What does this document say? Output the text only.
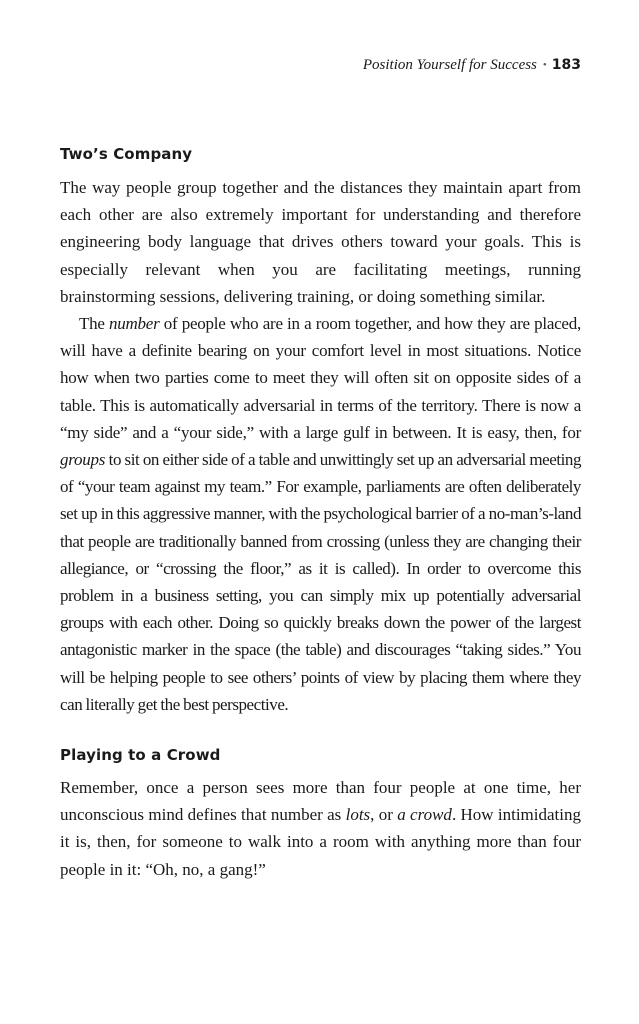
Position Yourself for Success • 183
Two’s Company

The way people group together and the distances they maintain apart from each other are also extremely important for understanding and therefore engineering body language that drives others toward your goals. This is especially relevant when you are facilitating meetings, running brainstorming sessions, delivering training, or doing something similar.

The number of people who are in a room together, and how they are placed, will have a definite bearing on your comfort level in most situations. Notice how when two parties come to meet they will often sit on opposite sides of a table. This is automatically adversarial in terms of the territory. There is now a “my side” and a “your side,” with a large gulf in between. It is easy, then, for groups to sit on either side of a table and unwittingly set up an adversarial meeting of “your team against my team.” For example, parliaments are often deliberately set up in this aggressive manner, with the psychological barrier of a no-man’s-land that people are traditionally banned from crossing (unless they are changing their allegiance, or “crossing the floor,” as it is called). In order to overcome this problem in a business setting, you can simply mix up potentially adversarial groups with each other. Doing so quickly breaks down the power of the largest antagonistic marker in the space (the table) and discourages “taking sides.” You will be helping people to see others’ points of view by placing them where they can literally get the best perspective.

Playing to a Crowd

Remember, once a person sees more than four people at one time, her unconscious mind defines that number as lots, or a crowd. How intimidating it is, then, for someone to walk into a room with anything more than four people in it: “Oh, no, a gang!”
